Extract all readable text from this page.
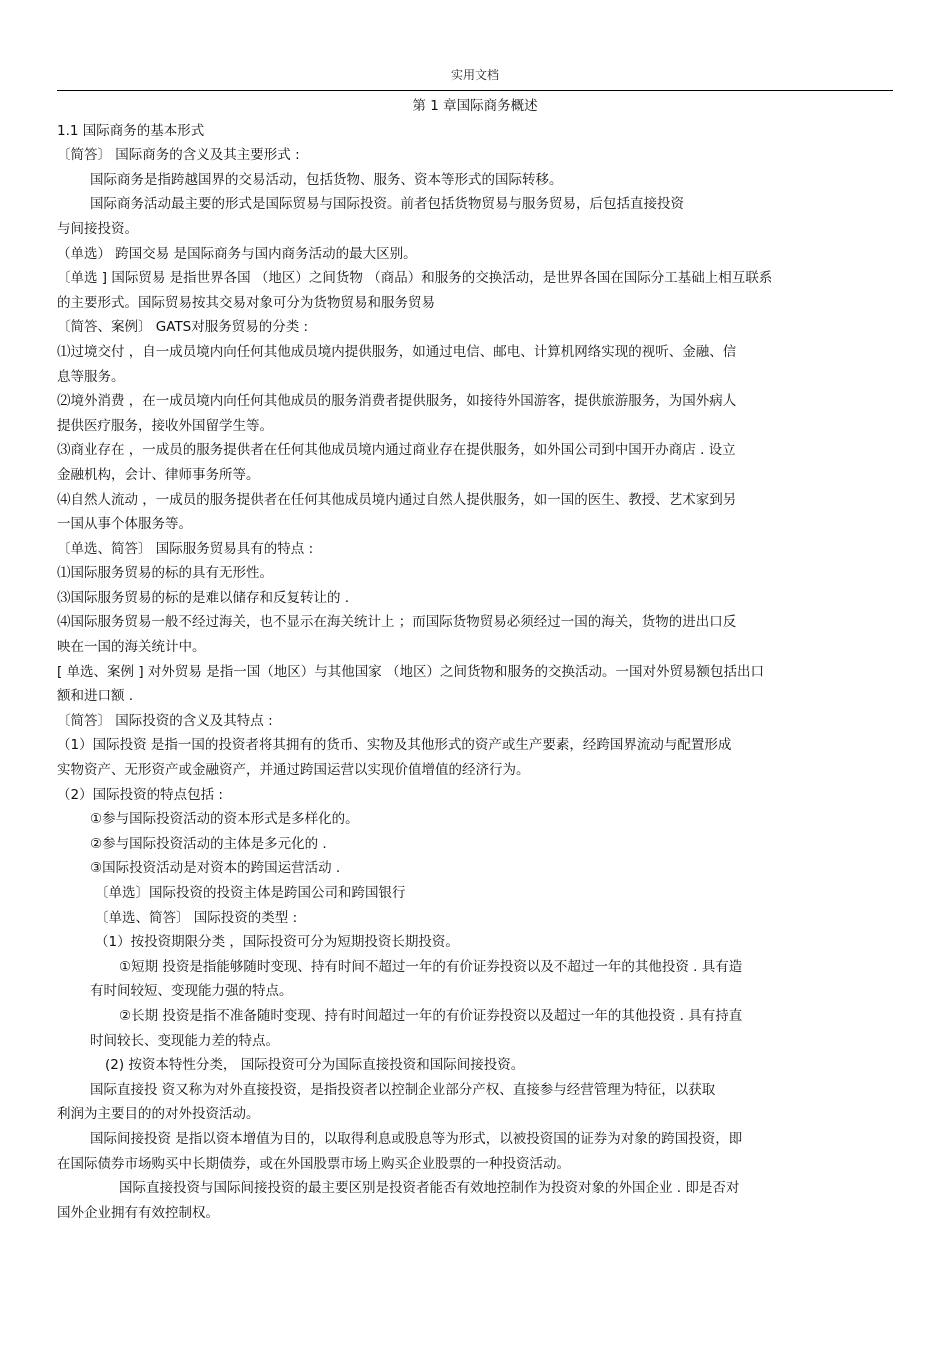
实用文档
第 1 章国际商务概述
1.1 国际商务的基本形式
〔简答〕 国际商务的含义及其主要形式 :
国际商务是指跨越国界的交易活动，包括货物、服务、资本等形式的国际转移。
国际商务活动最主要的形式是国际贸易与国际投资。前者包括货物贸易与服务贸易，后包括直接投资
与间接投资。
（单选） 跨国交易 是国际商务与国内商务活动的最大区别。
〔单选 ] 国际贸易 是指世界各国 （地区）之间货物 （商品）和服务的交换活动，是世界各国在国际分工基础上相互联系
的主要形式。国际贸易按其交易对象可分为货物贸易和服务贸易
〔简答、案例〕 GATS对服务贸易的分类 :
⑴过境交付 ，自一成员境内向任何其他成员境内提供服务，如通过电信、邮电、计算机网络实现的视听、金融、信
息等服务。
⑵境外消费 ，在一成员境内向任何其他成员的服务消费者提供服务，如接待外国游客，提供旅游服务，为国外病人
提供医疗服务，接收外国留学生等。
⑶商业存在 ，一成员的服务提供者在任何其他成员境内通过商业存在提供服务，如外国公司到中国开办商店 . 设立
金融机构，会计、律师事务所等。
⑷自然人流动 ，一成员的服务提供者在任何其他成员境内通过自然人提供服务，如一国的医生、教授、艺术家到另
一国从事个体服务等。
〔单选、简答〕 国际服务贸易具有的特点 :
⑴国际服务贸易的标的具有无形性。
⑶国际服务贸易的标的是难以储存和反复转让的 .
⑷国际服务贸易一般不经过海关，也不显示在海关统计上 ；而国际货物贸易必须经过一国的海关，货物的进出口反
映在一国的海关统计中。
[ 单选、案例 ] 对外贸易 是指一国（地区）与其他国家 （地区）之间货物和服务的交换活动。一国对外贸易额包括出口
额和进口额 .
〔简答〕 国际投资的含义及其特点 :
（1）国际投资 是指一国的投资者将其拥有的货币、实物及其他形式的资产或生产要素，经跨国界流动与配置形成
实物资产、无形资产或金融资产，并通过跨国运营以实现价值增值的经济行为。
（2）国际投资的特点包括 :
①参与国际投资活动的资本形式是多样化的。
②参与国际投资活动的主体是多元化的 .
③国际投资活动是对资本的跨国运营活动 .
〔单选〕国际投资的投资主体是跨国公司和跨国银行
〔单选、简答〕 国际投资的类型 :
（1）按投资期限分类 ，国际投资可分为短期投资长期投资。
①短期 投资是指能够随时变现、持有时间不超过一年的有价证券投资以及不超过一年的其他投资 . 具有造
有时间较短、变现能力强的特点。
②长期 投资是指不准备随时变现、持有时间超过一年的有价证券投资以及超过一年的其他投资 . 具有持直
时间较长、变现能力差的特点。
(2) 按资本特性分类， 国际投资可分为国际直接投资和国际间接投资。
国际直接投 资又称为对外直接投资，是指投资者以控制企业部分产权、直接参与经营管理为特征，以获取
利润为主要目的的对外投资活动。
国际间接投资 是指以资本增值为目的，以取得利息或股息等为形式，以被投资国的证券为对象的跨国投资，即
在国际债券市场购买中长期债券，或在外国股票市场上购买企业股票的一种投资活动。
国际直接投资与国际间接投资的最主要区别是投资者能否有效地控制作为投资对象的外国企业 . 即是否对
国外企业拥有有效控制权。
